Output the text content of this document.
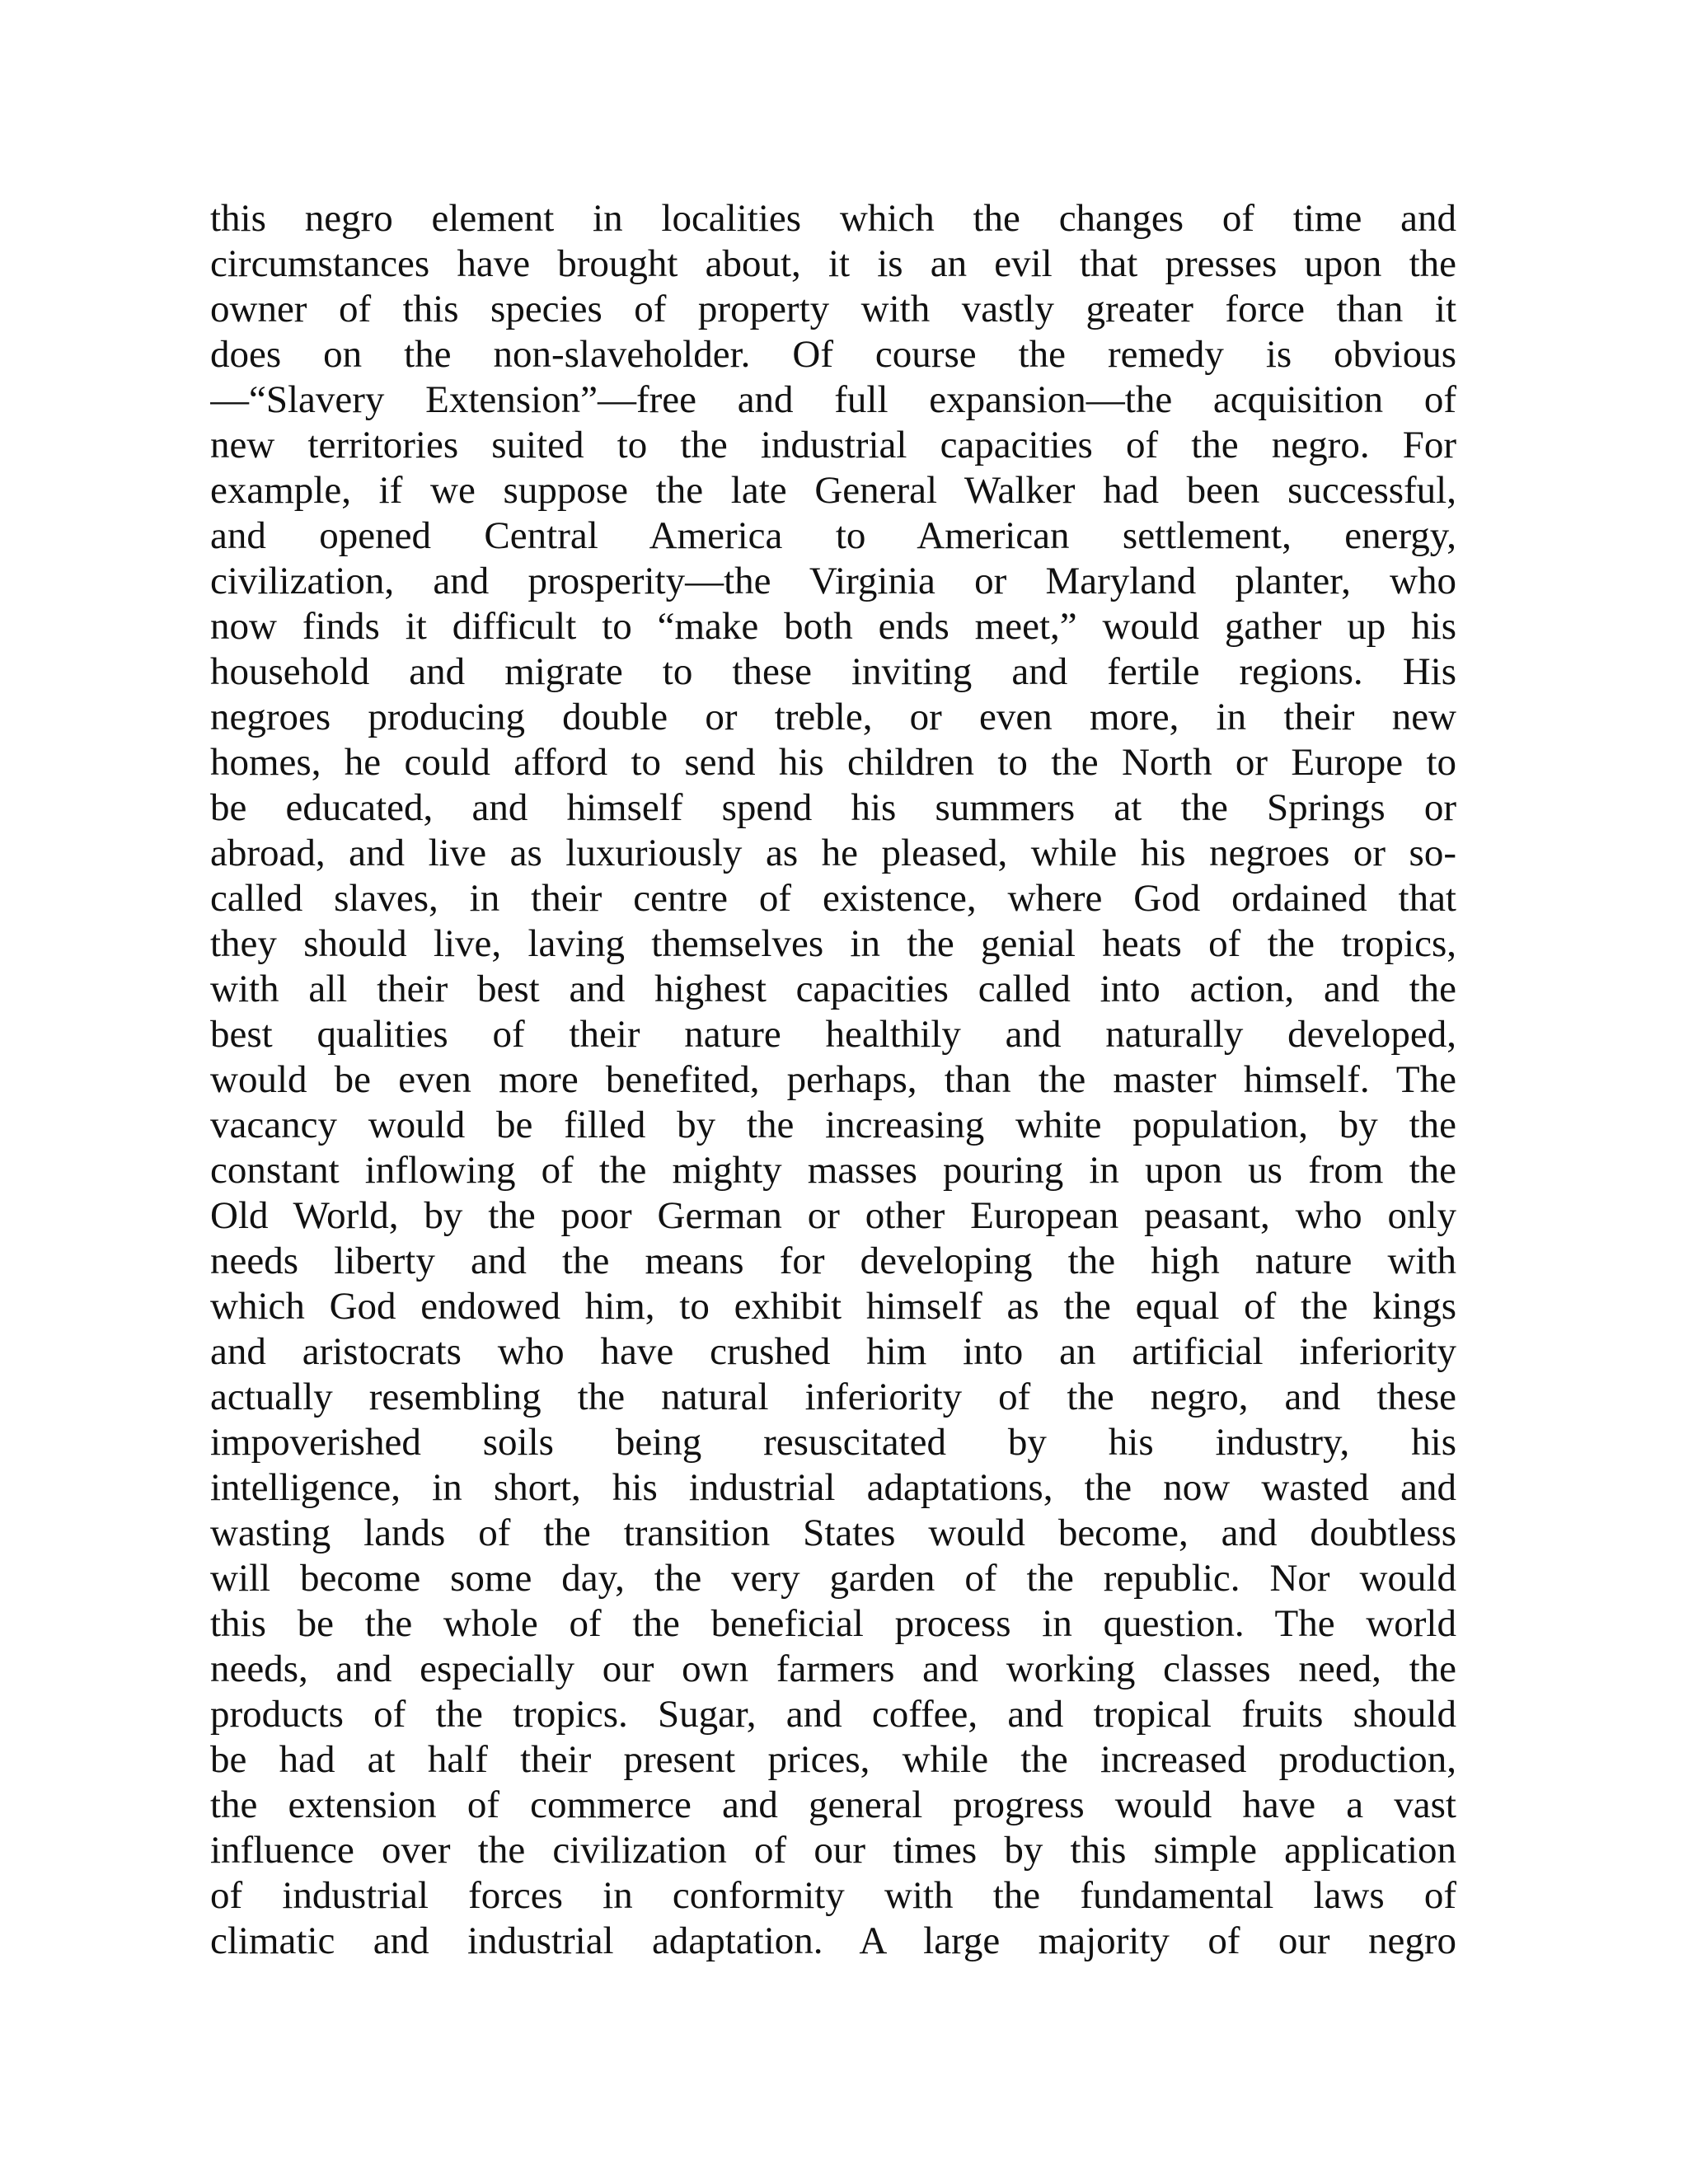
this negro element in localities which the changes of time and
circumstances have brought about, it is an evil that presses upon the
owner of this species of property with vastly greater force than it
does on the non-slaveholder. Of course the remedy is obvious
—“Slavery Extension”—free and full expansion—the acquisition of
new territories suited to the industrial capacities of the negro. For
example, if we suppose the late General Walker had been successful,
and opened Central America to American settlement, energy,
civilization, and prosperity—the Virginia or Maryland planter, who
now finds it difficult to “make both ends meet,” would gather up his
household and migrate to these inviting and fertile regions. His
negroes producing double or treble, or even more, in their new
homes, he could afford to send his children to the North or Europe to
be educated, and himself spend his summers at the Springs or
abroad, and live as luxuriously as he pleased, while his negroes or so-
called slaves, in their centre of existence, where God ordained that
they should live, laving themselves in the genial heats of the tropics,
with all their best and highest capacities called into action, and the
best qualities of their nature healthily and naturally developed,
would be even more benefited, perhaps, than the master himself. The
vacancy would be filled by the increasing white population, by the
constant inflowing of the mighty masses pouring in upon us from the
Old World, by the poor German or other European peasant, who only
needs liberty and the means for developing the high nature with
which God endowed him, to exhibit himself as the equal of the kings
and aristocrats who have crushed him into an artificial inferiority
actually resembling the natural inferiority of the negro, and these
impoverished soils being resuscitated by his industry, his
intelligence, in short, his industrial adaptations, the now wasted and
wasting lands of the transition States would become, and doubtless
will become some day, the very garden of the republic. Nor would
this be the whole of the beneficial process in question. The world
needs, and especially our own farmers and working classes need, the
products of the tropics. Sugar, and coffee, and tropical fruits should
be had at half their present prices, while the increased production,
the extension of commerce and general progress would have a vast
influence over the civilization of our times by this simple application
of industrial forces in conformity with the fundamental laws of
climatic and industrial adaptation. A large majority of our negro
